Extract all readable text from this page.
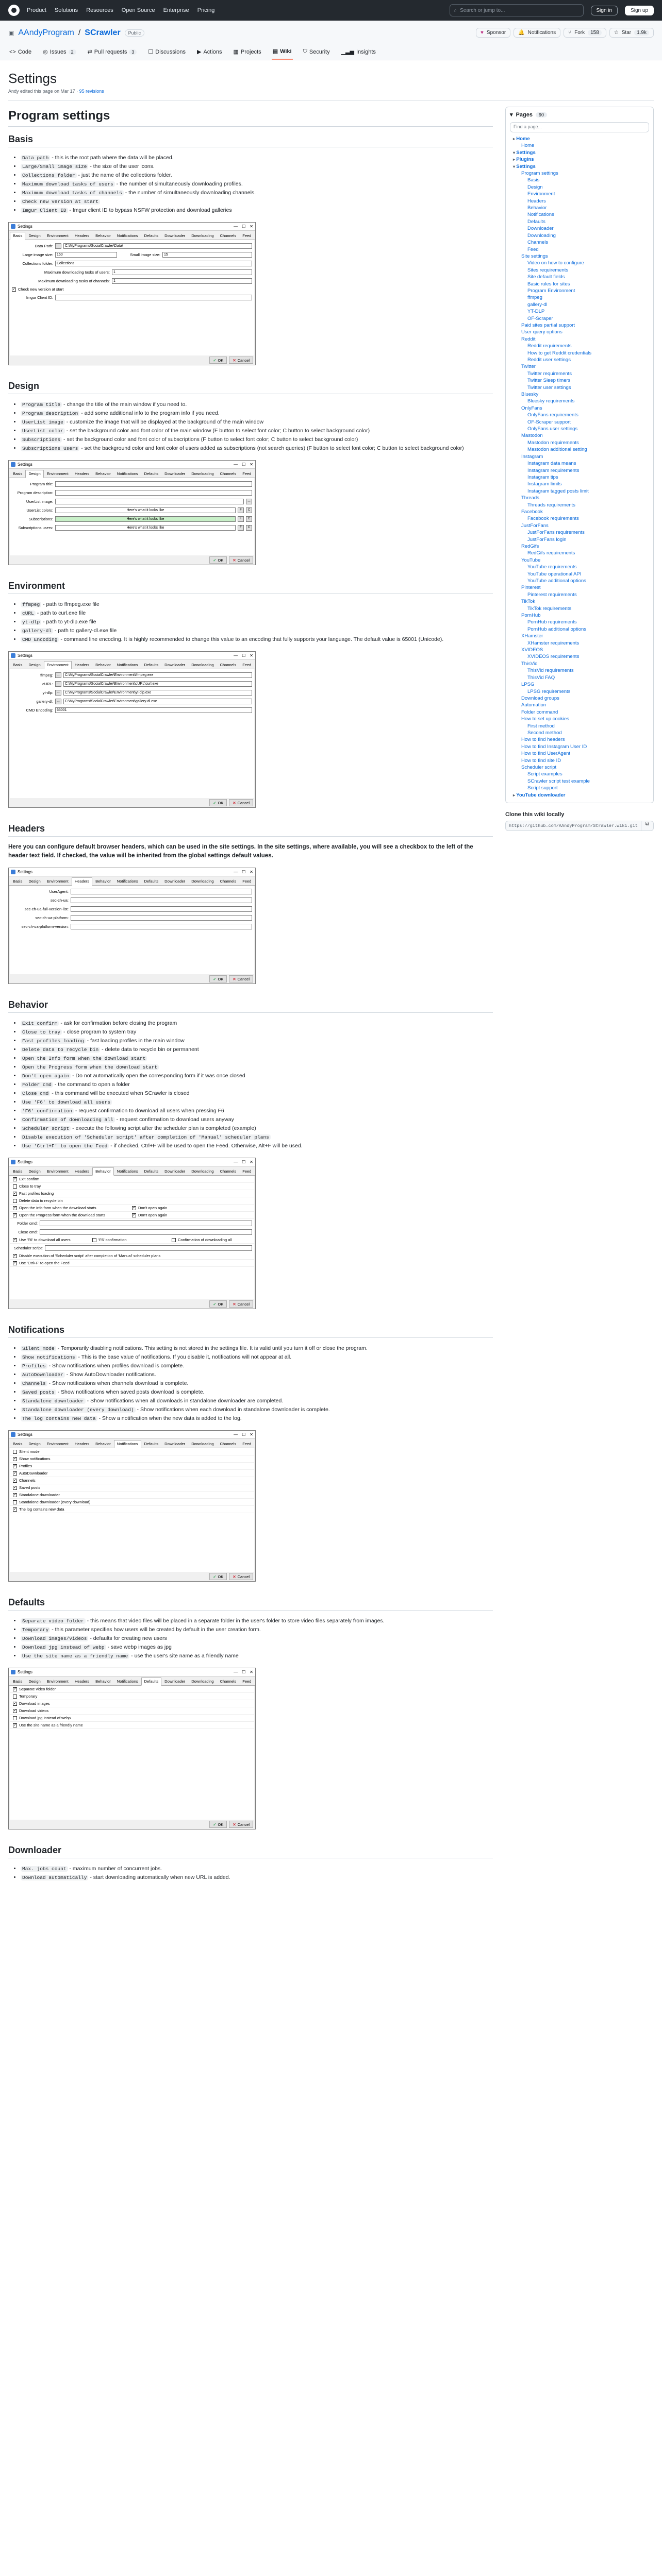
Product Solutions Resources Open Source Enterprise Pricing	⌕ Search or jump to...	Sign in	Sign up
▣ AAndyProgram / SCrawler	Public	♥ Sponsor 🔔 Notifications ⑂ Fork	158	☆ Star	1.9k
<> Code ◎ Issues	2	⇄ Pull requests	3	☐ Discussions ▶ Actions ▦ Projects ▤ Wiki ⛉ Security ▁▃▅ Insights
Settings
Andy edited this page on Mar 17 · 95 revisions
Program settings
Basis
• Data path - this is the root path where the data will be placed.
• Large/Small image size - the size of the user icons.
• Collections folder - just the name of the collections folder.
• Maximum download tasks of users - the number of simultaneously downloading profiles.
• Maximum download tasks of channels - the number of simultaneously downloading channels.
• Check new version at start
• Imgur Client ID - Imgur client ID to bypass NSFW protection and download galleries
Settings	— ☐ ✕
Basis	Design	Environment	Headers	Behavior	Notifications	Defaults	Downloader	Downloading	Channels	Feed
Data Path:	…	C:\MyPrograms\SocialCrawler\Data\
Large image size:	150	Small image size:	15
Collections folder:	Collections
Maximum downloading tasks of users:	1
Maximum downloading tasks of channels:	1
✓
Check new version at start
Imgur Client ID:
✓ OK ✕ Cancel
Design
• Program title - change the title of the main window if you need to.
• Program description - add some additional info to the program info if you need.
• UserList image - customize the image that will be displayed at the background of the main window
• UserList color - set the background color and font color of the main window (F button to select font color; C button to select background color)
• Subscriptions - set the background color and font color of subscriptions (F button to select font color; C button to select background color)
• Subscriptions users - set the background color and font color of users added as subscriptions (not search queries) (F button to select font color; C button to select background color)
Settings	— ☐ ✕
Basis	Design	Environment	Headers	Behavior	Notifications	Defaults	Downloader	Downloading	Channels	Feed
Program title:
Program description:
UserList image:	…
UserList colors:	Here's what it looks like	F	C
Subscriptions:	Here's what it looks like	F	C
Subscriptions users:	Here's what it looks like	F	C
✓ OK ✕ Cancel
Environment
• ffmpeg - path to ffmpeg.exe file
• cURL - path to curl.exe file
• yt-dlp - path to yt-dlp.exe file
• gallery-dl - path to gallery-dl.exe file
• CMD Encoding - command line encoding. It is highly recommended to change this value to an encoding that fully supports your language. The default value is 65001 (Unicode).
Settings	— ☐ ✕
Basis	Design	Environment	Headers	Behavior	Notifications	Defaults	Downloader	Downloading	Channels	Feed
ffmpeg:	…	C:\MyPrograms\SocialCrawler\Environment\ffmpeg.exe
cURL:	…	C:\MyPrograms\SocialCrawler\Environment\cURL\curl.exe
yt-dlp:	…	C:\MyPrograms\SocialCrawler\Environment\yt-dlp.exe
gallery-dl:	…	C:\MyPrograms\SocialCrawler\Environment\gallery-dl.exe
CMD Encoding:	65001
✓ OK ✕ Cancel
Headers

Here you can configure default browser headers, which can be used in the site settings. In the site settings, where available, you will see a checkbox to the left of the header text field. If checked, the value will be inherited from the global settings default values.

Settings	— ☐ ✕
Basis	Design	Environment	Headers	Behavior	Notifications	Defaults	Downloader	Downloading	Channels	Feed
UserAgent:
sec-ch-ua:
sec-ch-ua-full-version-list:
sec-ch-ua-platform:
sec-ch-ua-platform-version:
✓ OK ✕ Cancel
Behavior
• Exit confirm - ask for confirmation before closing the program
• Close to tray - close program to system tray
• Fast profiles loading - fast loading profiles in the main window
• Delete data to recycle bin - delete data to recycle bin or permanent
• Open the Info form when the download start
• Open the Progress form when the download start
• Don't open again - Do not automatically open the corresponding form if it was once closed
• Folder cmd - the command to open a folder
• Close cmd - this command will be executed when SCrawler is closed
• Use 'F6' to download all users
• 'F6' confirmation - request confirmation to download all users when pressing F6
• Confirmation of downloading all - request confirmation to download users anyway
• Scheduler script - execute the following script after the scheduler plan is completed (example)
• Disable execution of 'Scheduler script' after completion of 'Manual' scheduler plans
• Use 'Ctrl+F' to open the Feed - if checked, Ctrl+F will be used to open the Feed. Otherwise, Alt+F will be used.
Settings	— ☐ ✕
Basis	Design	Environment	Headers	Behavior	Notifications	Defaults	Downloader	Downloading	Channels	Feed
✓
Exit confirm
Close to tray
✓
Fast profiles loading
Delete data to recycle bin
✓
Open the Info form when the download starts ✓	Don't open again
✓
Open the Progress form when the download starts ✓	Don't open again
Folder cmd:
Close cmd:
✓
Use 'F6' to download all users	'F6' confirmation	Confirmation of downloading all
Scheduler script:
✓
Disable execution of 'Scheduler script' after completion of 'Manual' scheduler plans
✓
Use 'Ctrl+F' to open the Feed
✓ OK ✕ Cancel
Notifications
• Silent mode - Temporarily disabling notifications. This setting is not stored in the settings file. It is valid until you turn it off or close the program.
• Show notifications - This is the base value of notifications. If you disable it, notifications will not appear at all.
• Profiles - Show notifications when profiles download is complete.
• AutoDownloader - Show AutoDownloader notifications.
• Channels - Show notifications when channels download is complete.
• Saved posts - Show notifications when saved posts download is complete.
• Standalone downloader - Show notifications when all downloads in standalone downloader are completed.
• Standalone downloader (every download) - Show notifications when each download in standalone downloader is complete.
• The log contains new data - Show a notification when the new data is added to the log.
Settings	— ☐ ✕
Basis	Design	Environment	Headers	Behavior	Notifications	Defaults	Downloader	Downloading	Channels	Feed
Silent mode
✓
Show notifications
✓
Profiles
✓
AutoDownloader
✓
Channels
✓
Saved posts
✓
Standalone downloader
Standalone downloader (every download)
✓
The log contains new data
✓ OK ✕ Cancel
Defaults
• Separate video folder - this means that video files will be placed in a separate folder in the user's folder to store video files separately from images.
• Temporary - this parameter specifies how users will be created by default in the user creation form.
• Download images/videos - defaults for creating new users
• Download jpg instead of webp - save webp images as jpg
• Use the site name as a friendly name - use the user's site name as a friendly name
Settings	— ☐ ✕
Basis	Design	Environment	Headers	Behavior	Notifications	Defaults	Downloader	Downloading	Channels	Feed
✓
Separate video folder
Temporary
✓
Download images
✓
Download videos
Download jpg instead of webp
✓
Use the site name as a friendly name
✓ OK ✕ Cancel
Downloader
• Max. jobs count - maximum number of concurrent jobs.
• Download automatically - start downloading automatically when new URL is added.
▾ Pages	90
Find a page...
▸ Home
Home
▾ Settings
▸ Plugins
▾ Settings
Program settings
Basis
Design
Environment
Headers
Behavior
Notifications
Defaults
Downloader
Downloading
Channels
Feed
Site settings
Video on how to configure
Sites requirements
Site default fields
Basic rules for sites
Program Environment
ffmpeg
gallery-dl
YT-DLP
OF-Scraper
Paid sites partial support
User query options
Reddit
Reddit requirements
How to get Reddit credentials
Reddit user settings
Twitter
Twitter requirements
Twitter Sleep timers
Twitter user settings
Bluesky
Bluesky requirements
OnlyFans
OnlyFans requirements
OF-Scraper support
OnlyFans user settings
Mastodon
Mastodon requirements
Mastodon additional setting
Instagram
Instagram data means
Instagram requirements
Instagram tips
Instagram limits
Instagram tagged posts limit
Threads
Threads requirements
Facebook
Facebook requirements
JustForFans
JustForFans requirements
JustForFans login
RedGifs
RedGifs requirements
YouTube
YouTube requirements
YouTube operational API
YouTube additional options
Pinterest
Pinterest requirements
TikTok
TikTok requirements
PornHub
PornHub requirements
PornHub additional options
XHamster
XHamster requirements
XVIDEOS
XVIDEOS requirements
ThisVid
ThisVid requirements
ThisVid FAQ
LPSG
LPSG requirements
Download groups
Automation
Folder command
How to set up cookies
First method
Second method
How to find headers
How to find Instagram User ID
How to find UserAgent
How to find site ID
Scheduler script
Script examples
SCrawler script test example
Script support
▸ YouTube downloader
Clone this wiki locally
https://github.com/AAndyProgram/SCrawler.wiki.git	⧉
